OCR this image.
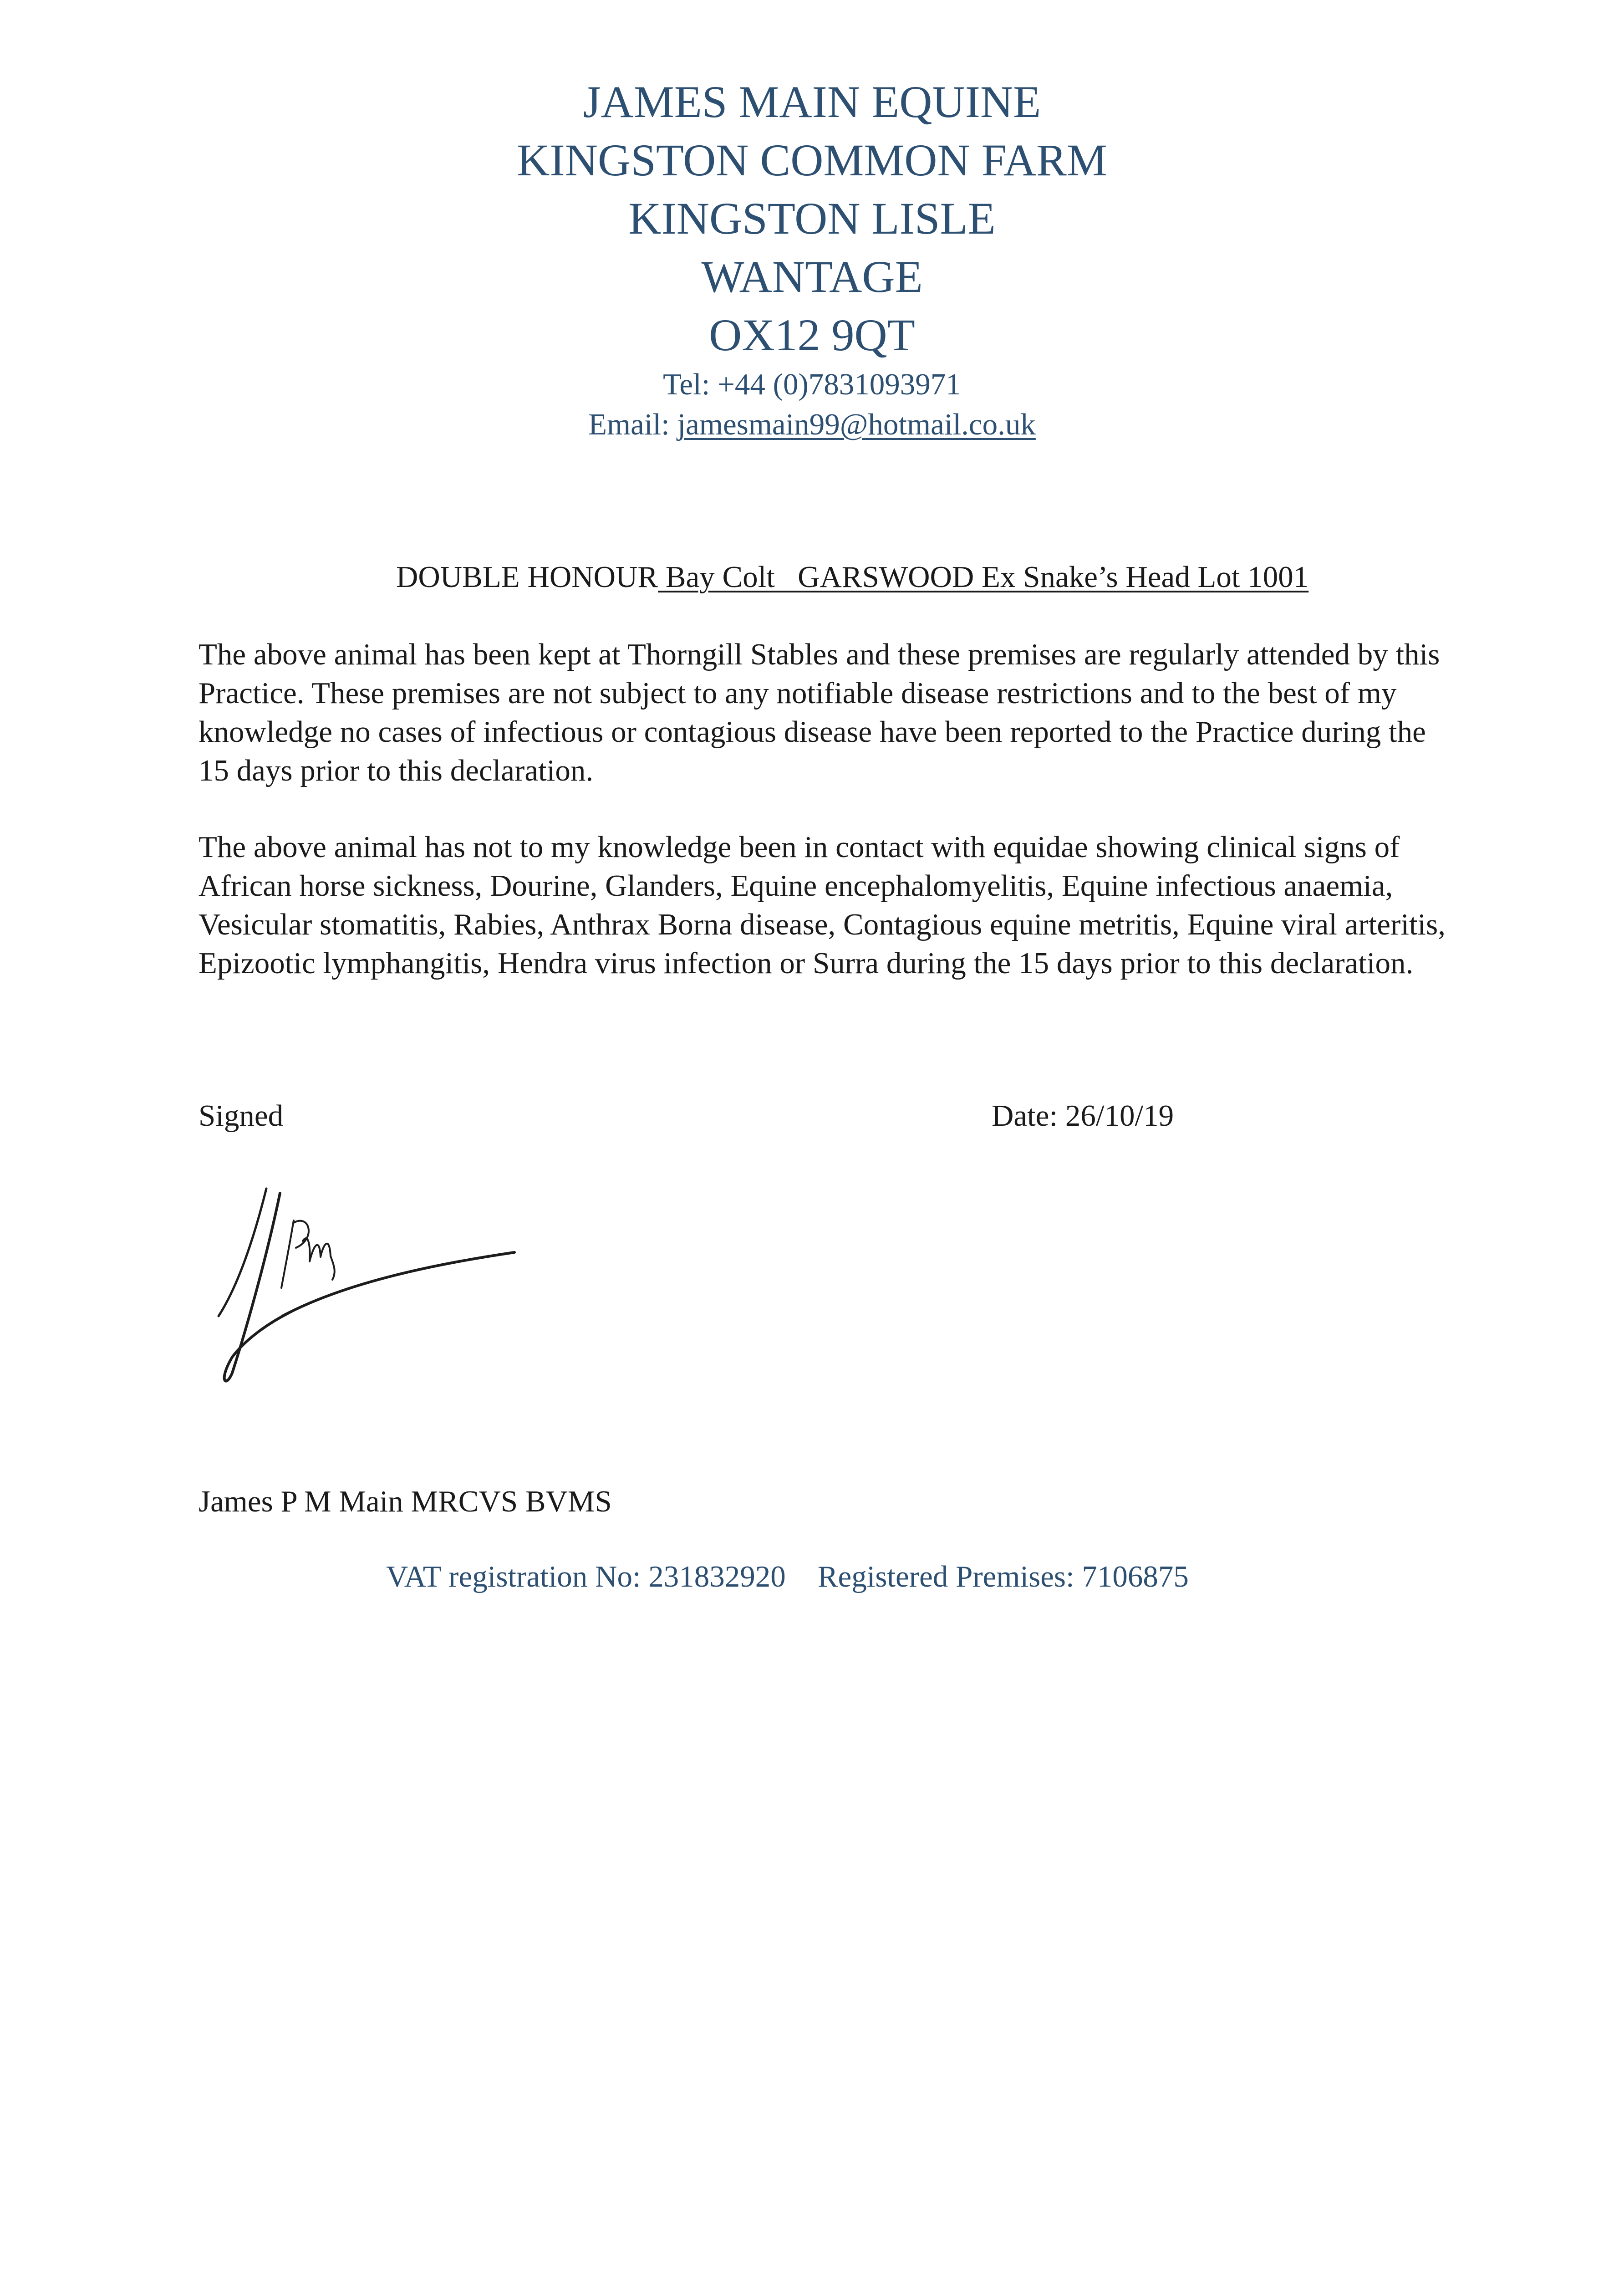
JAMES MAIN EQUINE
KINGSTON COMMON FARM
KINGSTON LISLE
WANTAGE
OX12 9QT
Tel: +44 (0)7831093971
Email: jamesmain99@hotmail.co.uk
DOUBLE HONOUR Bay Colt   GARSWOOD Ex Snake’s Head Lot 1001
The above animal has been kept at Thorngill Stables and these premises are regularly attended by this Practice. These premises are not subject to any notifiable disease restrictions and to the best of my knowledge no cases of infectious or contagious disease have been reported to the Practice during the 15 days prior to this declaration.
The above animal has not to my knowledge been in contact with equidae showing clinical signs of African horse sickness, Dourine, Glanders, Equine encephalomyelitis, Equine infectious anaemia, Vesicular stomatitis, Rabies, Anthrax Borna disease, Contagious equine metritis, Equine viral arteritis, Epizootic lymphangitis, Hendra virus infection or Surra during the 15 days prior to this declaration.
Signed	Date: 26/10/19
James P M Main MRCVS BVMS
VAT registration No: 231832920 Registered Premises: 7106875
